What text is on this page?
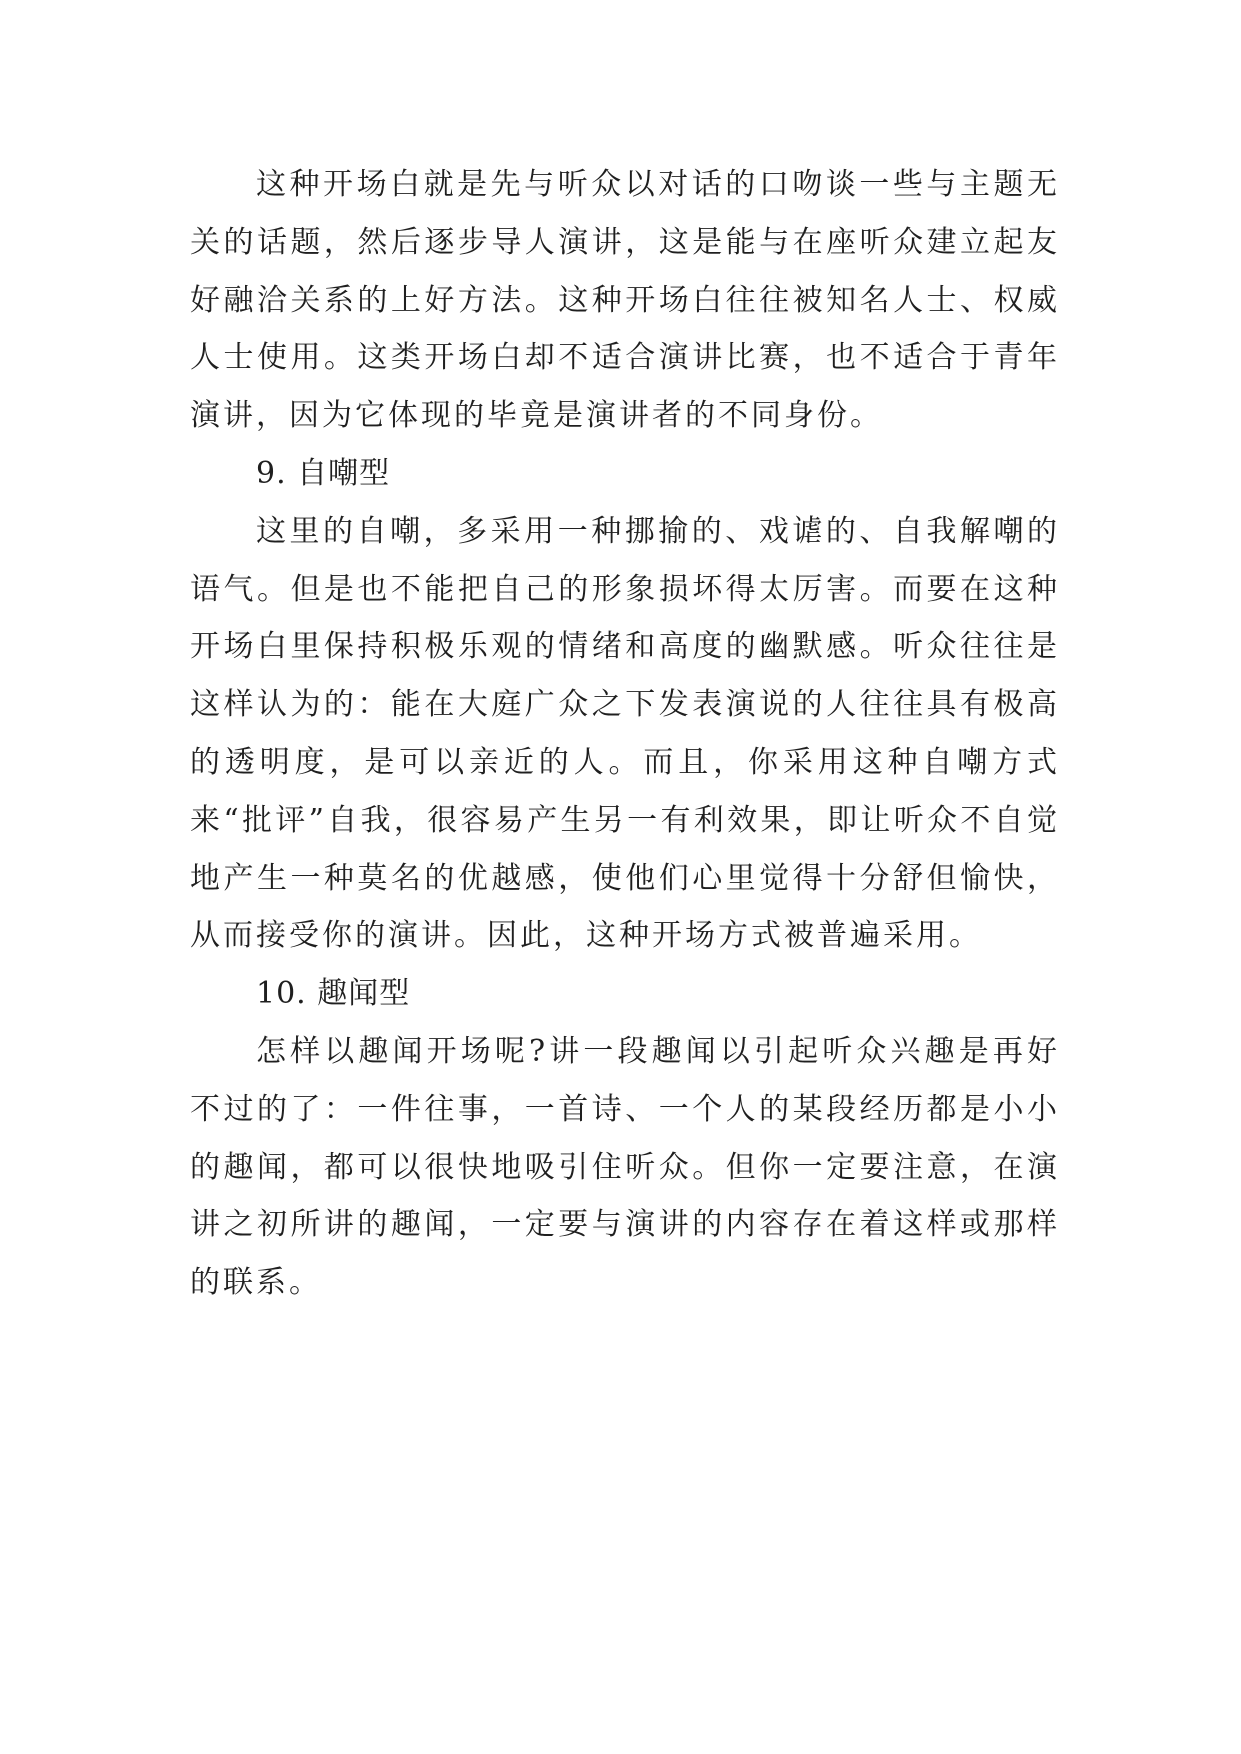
这种开场白就是先与听众以对话的口吻谈一些与主题无关的话题，然后逐步导人演讲，这是能与在座听众建立起友好融洽关系的上好方法。这种开场白往往被知名人士、权威人士使用。这类开场白却不适合演讲比赛，也不适合于青年演讲，因为它体现的毕竟是演讲者的不同身份。

9. 自嘲型

这里的自嘲，多采用一种挪揄的、戏谑的、自我解嘲的语气。但是也不能把自己的形象损坏得太厉害。而要在这种开场白里保持积极乐观的情绪和高度的幽默感。听众往往是这样认为的：能在大庭广众之下发表演说的人往往具有极高的透明度，是可以亲近的人。而且，你采用这种自嘲方式来“批评”自我，很容易产生另一有利效果，即让听众不自觉地产生一种莫名的优越感，使他们心里觉得十分舒但愉快，从而接受你的演讲。因此，这种开场方式被普遍采用。

10. 趣闻型

怎样以趣闻开场呢?讲一段趣闻以引起听众兴趣是再好不过的了：一件往事，一首诗、一个人的某段经历都是小小的趣闻，都可以很快地吸引住听众。但你一定要注意，在演讲之初所讲的趣闻，一定要与演讲的内容存在着这样或那样的联系。
